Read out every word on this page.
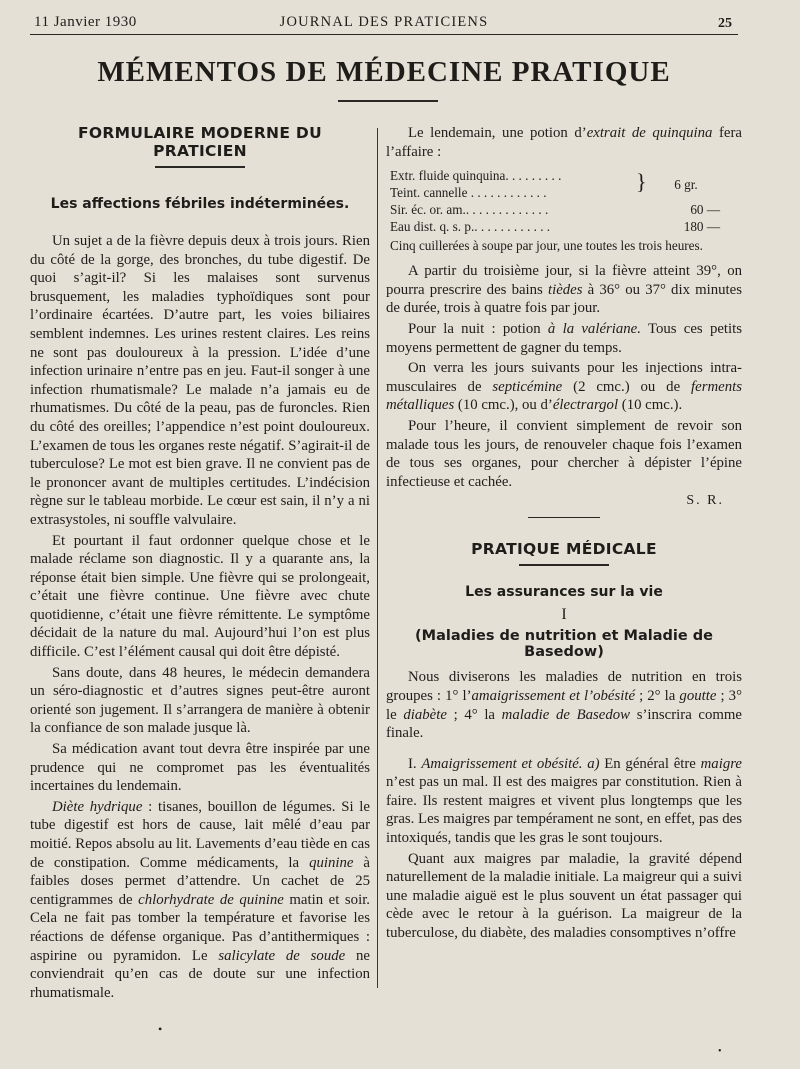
11 Janvier 1930	JOURNAL DES PRATICIENS	25
MÉMENTOS DE MÉDECINE PRATIQUE
FORMULAIRE MODERNE DU PRATICIEN
Les affections fébriles indéterminées.

Un sujet a de la fièvre depuis deux à trois jours. Rien du côté de la gorge, des bronches, du tube digestif. De quoi s’agit-il? Si les malaises sont survenus brusquement, les maladies typhoïdiques sont pour l’ordinaire écartées. D’autre part, les voies biliaires semblent indemnes. Les urines restent claires. Les reins ne sont pas douloureux à la pression. L’idée d’une infection urinaire n’entre pas en jeu. Faut-il songer à une infection rhumatismale? Le malade n’a jamais eu de rhumatismes. Du côté de la peau, pas de furoncles. Rien du côté des oreilles; l’appendice n’est point douloureux. L’examen de tous les organes reste négatif. S’agirait-il de tuberculose? Le mot est bien grave. Il ne convient pas de le prononcer avant de multiples certitudes. L’indécision règne sur le tableau morbide. Le cœur est sain, il n’y a ni extrasystoles, ni souffle valvulaire.

Et pourtant il faut ordonner quelque chose et le malade réclame son diagnostic. Il y a quarante ans, la réponse était bien simple. Une fièvre qui se prolongeait, c’était une fièvre continue. Une fièvre avec chute quotidienne, c’était une fièvre rémittente. Le symptôme décidait de la nature du mal. Aujourd’hui l’on est plus difficile. C’est l’élément causal qui doit être dépisté.

Sans doute, dans 48 heures, le médecin demandera un séro-diagnostic et d’autres signes peut-être auront orienté son jugement. Il s’arrangera de manière à obtenir la confiance de son malade jusque là.

Sa médication avant tout devra être inspirée par une prudence qui ne compromet pas les éventualités incertaines du lendemain.

Diète hydrique : tisanes, bouillon de légumes. Si le tube digestif est hors de cause, lait mêlé d’eau par moitié. Repos absolu au lit. Lavements d’eau tiède en cas de constipation. Comme médicaments, la quinine à faibles doses permet d’attendre. Un cachet de 25 centigrammes de chlorhydrate de quinine matin et soir. Cela ne fait pas tomber la température et favorise les réactions de défense organique. Pas d’antithermiques : aspirine ou pyramidon. Le salicylate de soude ne conviendrait qu’en cas de doute sur une infection rhumatismale.

Le lendemain, une potion d’extrait de quinquina fera l’affaire :

Extr. fluide quinquina. . . . . . . . .
Teint. cannelle . . . . . . . . . . . .	}	6 gr.
Sir. éc. or. am.. . . . . . . . . . . . .	60 —
Eau dist. q. s. p.. . . . . . . . . . . .	180 —

Cinq cuillerées à soupe par jour, une toutes les trois heures.

A partir du troisième jour, si la fièvre atteint 39°, on pourra prescrire des bains tièdes à 36° ou 37° dix minutes de durée, trois à quatre fois par jour.

Pour la nuit : potion à la valériane. Tous ces petits moyens permettent de gagner du temps.

On verra les jours suivants pour les injections intra-musculaires de septicémine (2 cmc.) ou de ferments métalliques (10 cmc.), ou d’électrargol (10 cmc.).

Pour l’heure, il convient simplement de revoir son malade tous les jours, de renouveler chaque fois l’examen de tous ses organes, pour chercher à dépister l’épine infectieuse et cachée.

S. R.

PRATIQUE MÉDICALE
Les assurances sur la vie

I

(Maladies de nutrition et Maladie de Basedow)

Nous diviserons les maladies de nutrition en trois groupes : 1° l’amaigrissement et l’obésité ; 2° la goutte ; 3° le diabète ; 4° la maladie de Basedow s’inscrira comme finale.

I. Amaigrissement et obésité. a) En général être maigre n’est pas un mal. Il est des maigres par constitution. Rien à faire. Ils restent maigres et vivent plus longtemps que les gras. Les maigres par tempérament ne sont, en effet, pas des intoxiqués, tandis que les gras le sont toujours.

Quant aux maigres par maladie, la gravité dépend naturellement de la maladie initiale. La maigreur qui a suivi une maladie aiguë est le plus souvent un état passager qui cède avec le retour à la guérison. La maigreur de la tuberculose, du diabète, des maladies consomptives n’offre

•
•
